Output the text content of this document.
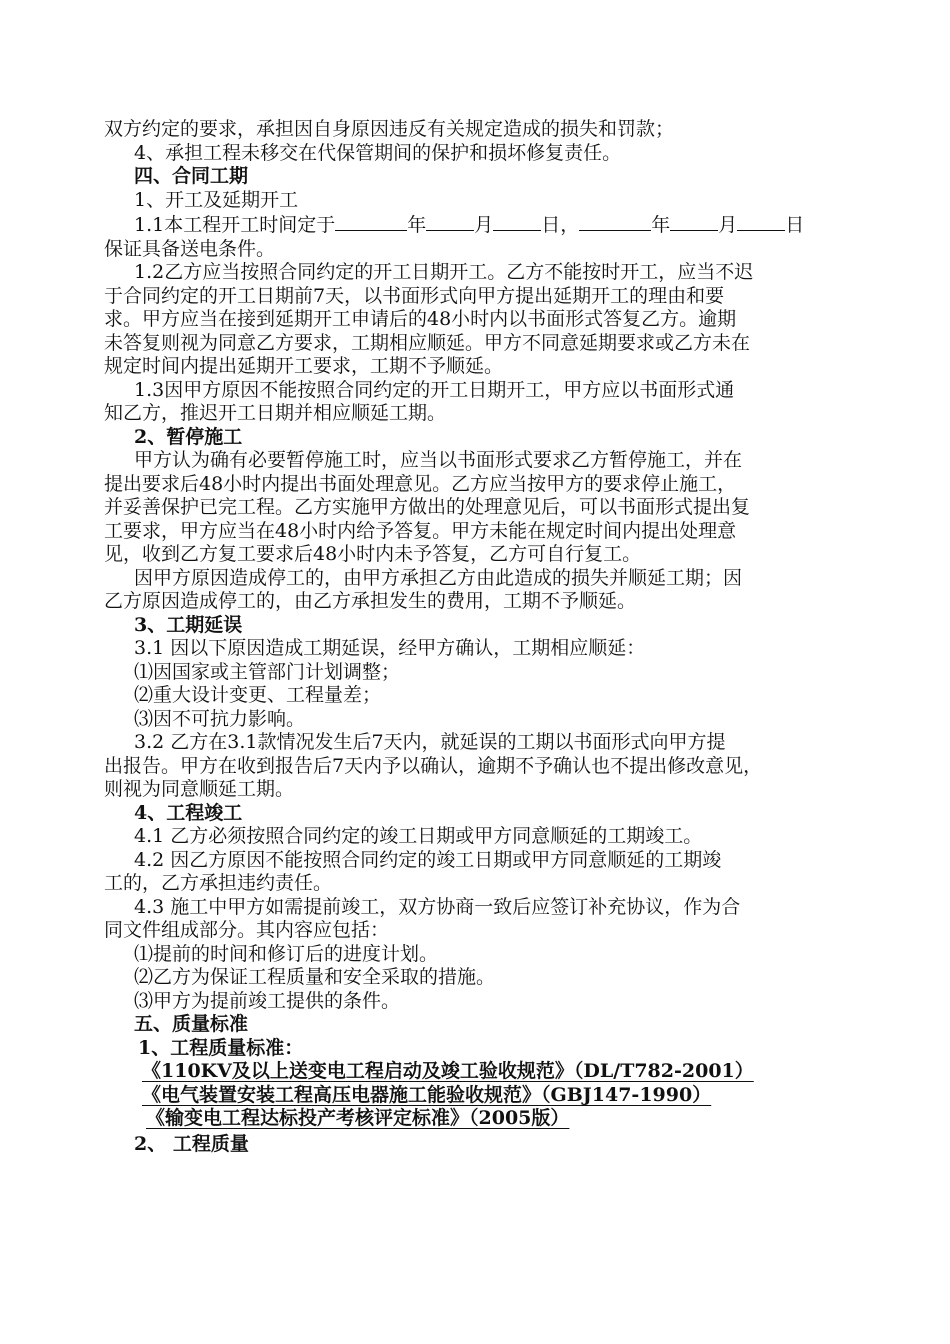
双方约定的要求，承担因自身原因违反有关规定造成的损失和罚款；

4、承担工程未移交在代保管期间的保护和损坏修复责任。

四、合同工期

1、开工及延期开工

1.1本工程开工时间定于	年	月	日，	年	月	日

保证具备送电条件。

1.2乙方应当按照合同约定的开工日期开工。乙方不能按时开工，应当不迟

于合同约定的开工日期前7天，以书面形式向甲方提出延期开工的理由和要

求。甲方应当在接到延期开工申请后的48小时内以书面形式答复乙方。逾期

未答复则视为同意乙方要求，工期相应顺延。甲方不同意延期要求或乙方未在

规定时间内提出延期开工要求，工期不予顺延。

1.3因甲方原因不能按照合同约定的开工日期开工，甲方应以书面形式通

知乙方，推迟开工日期并相应顺延工期。

2、暂停施工

甲方认为确有必要暂停施工时，应当以书面形式要求乙方暂停施工，并在

提出要求后48小时内提出书面处理意见。乙方应当按甲方的要求停止施工，

并妥善保护已完工程。乙方实施甲方做出的处理意见后，可以书面形式提出复

工要求，甲方应当在48小时内给予答复。甲方未能在规定时间内提出处理意

见，收到乙方复工要求后48小时内未予答复，乙方可自行复工。

因甲方原因造成停工的，由甲方承担乙方由此造成的损失并顺延工期；因

乙方原因造成停工的，由乙方承担发生的费用，工期不予顺延。

3、工期延误

3.1 因以下原因造成工期延误，经甲方确认，工期相应顺延：

⑴因国家或主管部门计划调整；

⑵重大设计变更、工程量差；

⑶因不可抗力影响。

3.2 乙方在3.1款情况发生后7天内，就延误的工期以书面形式向甲方提

出报告。甲方在收到报告后7天内予以确认，逾期不予确认也不提出修改意见，

则视为同意顺延工期。

4、工程竣工

4.1 乙方必须按照合同约定的竣工日期或甲方同意顺延的工期竣工。

4.2 因乙方原因不能按照合同约定的竣工日期或甲方同意顺延的工期竣

工的，乙方承担违约责任。

4.3 施工中甲方如需提前竣工，双方协商一致后应签订补充协议，作为合

同文件组成部分。其内容应包括：

⑴提前的时间和修订后的进度计划。

⑵乙方为保证工程质量和安全采取的措施。

⑶甲方为提前竣工提供的条件。

五、质量标准

1、工程质量标准：

《110KV及以上送变电工程启动及竣工验收规范》（DL/T782-2001）

《电气装置安装工程高压电器施工能验收规范》（GBJ147-1990）

《输变电工程达标投产考核评定标准》（2005版）

2、 工程质量
